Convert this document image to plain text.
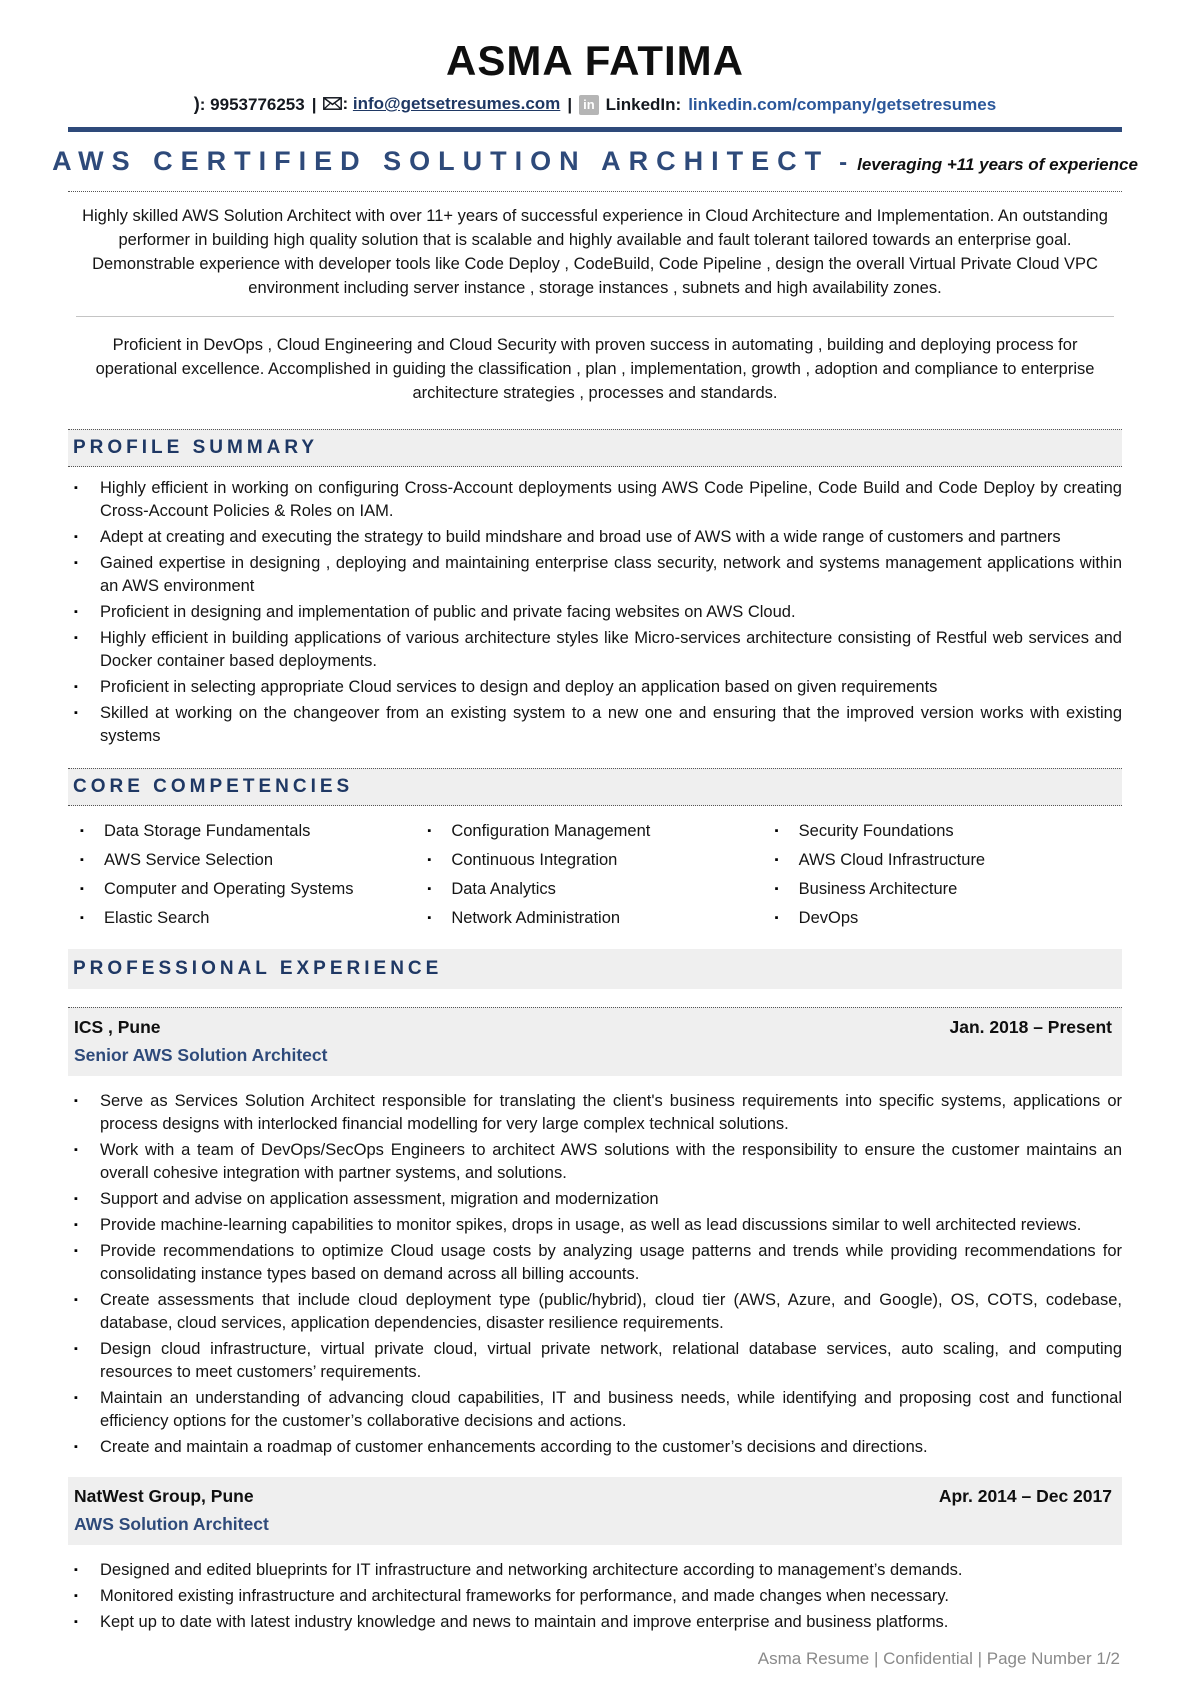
ASMA FATIMA
): 9953776253 |	: info@getsetresumes.com | in LinkedIn: linkedin.com/company/getsetresumes
AWS CERTIFIED SOLUTION ARCHITECT - leveraging +11 years of experience

Highly skilled AWS Solution Architect with over 11+ years of successful experience in Cloud Architecture and Implementation. An outstanding performer in building high quality solution that is scalable and highly available and fault tolerant tailored towards an enterprise goal. Demonstrable experience with developer tools like Code Deploy , CodeBuild, Code Pipeline , design the overall Virtual Private Cloud VPC environment including server instance , storage instances , subnets and high availability zones.

Proficient in DevOps , Cloud Engineering and Cloud Security with proven success in automating , building and deploying process for operational excellence. Accomplished in guiding the classification , plan , implementation, growth , adoption and compliance to enterprise architecture strategies , processes and standards.

PROFILE SUMMARY
▪	Highly efficient in working on configuring Cross-Account deployments using AWS Code Pipeline, Code Build and Code Deploy by creating Cross-Account Policies & Roles on IAM.
▪	Adept at creating and executing the strategy to build mindshare and broad use of AWS with a wide range of customers and partners
▪	Gained expertise in designing , deploying and maintaining enterprise class security, network and systems management applications within an AWS environment
▪	Proficient in designing and implementation of public and private facing websites on AWS Cloud.
▪	Highly efficient in building applications of various architecture styles like Micro-services architecture consisting of Restful web services and Docker container based deployments.
▪	Proficient in selecting appropriate Cloud services to design and deploy an application based on given requirements
▪	Skilled at working on the changeover from an existing system to a new one and ensuring that the improved version works with existing systems
CORE COMPETENCIES
▪	Data Storage Fundamentals
▪	AWS Service Selection
▪	Computer and Operating Systems
▪	Elastic Search
▪	Configuration Management
▪	Continuous Integration
▪	Data Analytics
▪	Network Administration
▪	Security Foundations
▪	AWS Cloud Infrastructure
▪	Business Architecture
▪	DevOps
PROFESSIONAL EXPERIENCE
ICS , Pune	Jan. 2018 – Present
Senior AWS Solution Architect
▪	Serve as Services Solution Architect responsible for translating the client's business requirements into specific systems, applications or process designs with interlocked financial modelling for very large complex technical solutions.
▪	Work with a team of DevOps/SecOps Engineers to architect AWS solutions with the responsibility to ensure the customer maintains an overall cohesive integration with partner systems, and solutions.
▪	Support and advise on application assessment, migration and modernization
▪	Provide machine-learning capabilities to monitor spikes, drops in usage, as well as lead discussions similar to well architected reviews.
▪	Provide recommendations to optimize Cloud usage costs by analyzing usage patterns and trends while providing recommendations for consolidating instance types based on demand across all billing accounts.
▪	Create assessments that include cloud deployment type (public/hybrid), cloud tier (AWS, Azure, and Google), OS, COTS, codebase, database, cloud services, application dependencies, disaster resilience requirements.
▪	Design cloud infrastructure, virtual private cloud, virtual private network, relational database services, auto scaling, and computing resources to meet customers’ requirements.
▪	Maintain an understanding of advancing cloud capabilities, IT and business needs, while identifying and proposing cost and functional efficiency options for the customer’s collaborative decisions and actions.
▪	Create and maintain a roadmap of customer enhancements according to the customer’s decisions and directions.
NatWest Group, Pune	Apr. 2014 – Dec 2017
AWS Solution Architect
▪	Designed and edited blueprints for IT infrastructure and networking architecture according to management’s demands.
▪	Monitored existing infrastructure and architectural frameworks for performance, and made changes when necessary.
▪	Kept up to date with latest industry knowledge and news to maintain and improve enterprise and business platforms.
Asma Resume | Confidential | Page Number 1/2
